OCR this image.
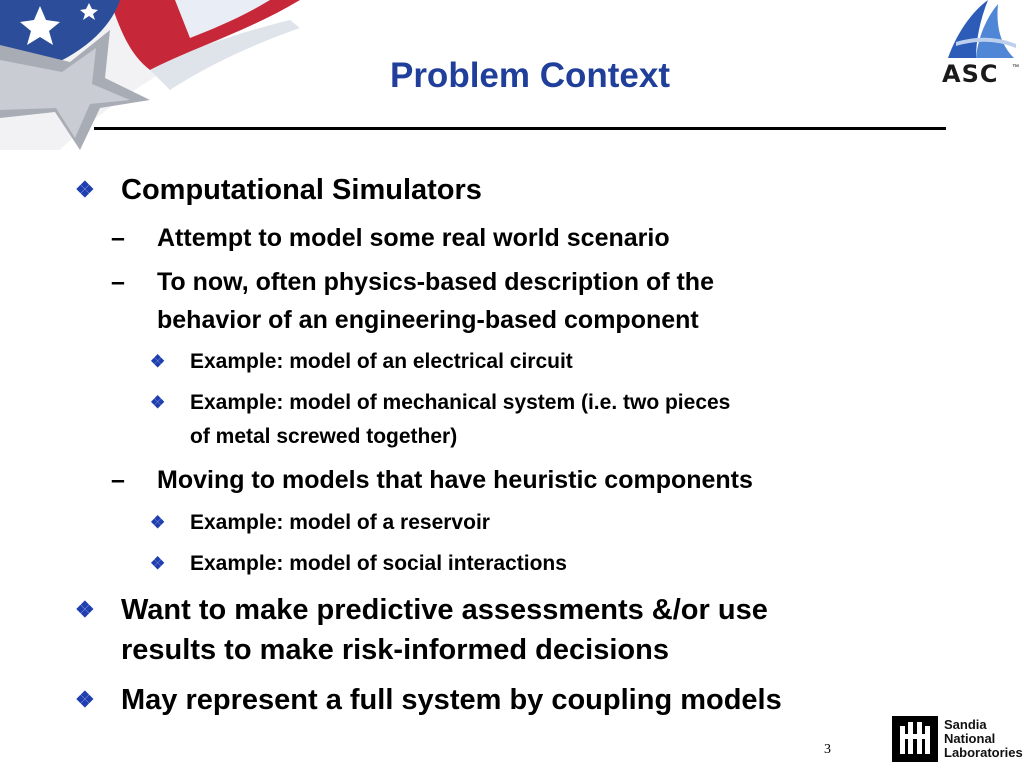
ASC ™
Problem Context
❖ Computational Simulators
– Attempt to model some real world scenario
– To now, often physics-based description of the
behavior of an engineering-based component
❖ Example: model of an electrical circuit
❖ Example: model of mechanical system (i.e. two pieces
of metal screwed together)
– Moving to models that have heuristic components
❖ Example: model of a reservoir
❖ Example: model of social interactions
❖ Want to make predictive assessments &/or use
results to make risk-informed decisions
❖ May represent a full system by coupling models
3
Sandia
National
Laboratories
